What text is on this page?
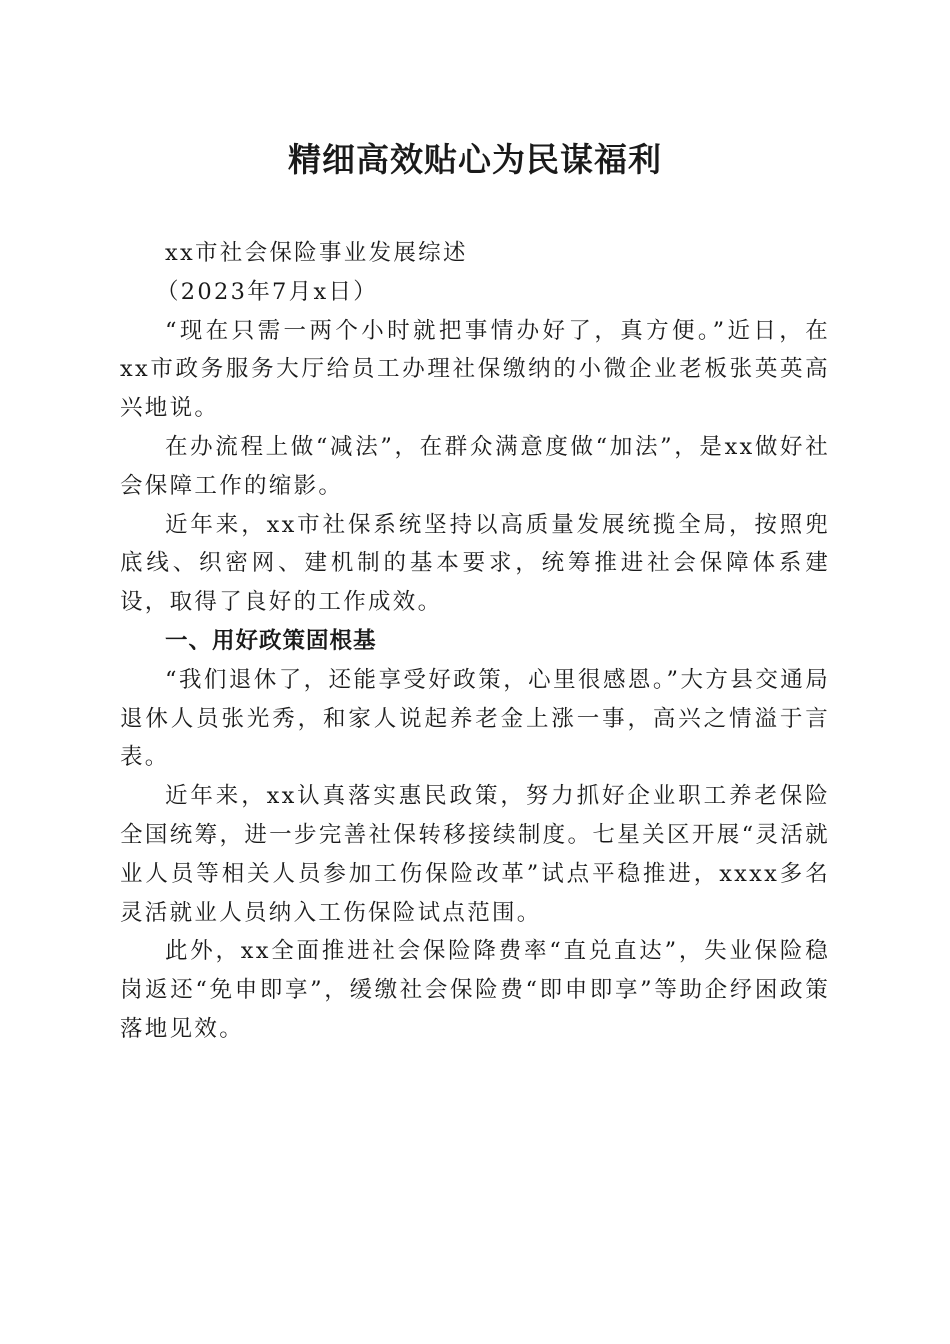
精细高效贴心为民谋福利

xx市社会保险事业发展综述

（2023年7月x日）

“现在只需一两个小时就把事情办好了，真方便。”近日，在xx市政务服务大厅给员工办理社保缴纳的小微企业老板张英英高兴地说。

在办流程上做“减法”，在群众满意度做“加法”，是xx做好社会保障工作的缩影。

近年来，xx市社保系统坚持以高质量发展统揽全局，按照兜底线、织密网、建机制的基本要求，统筹推进社会保障体系建设，取得了良好的工作成效。

一、用好政策固根基

“我们退休了，还能享受好政策，心里很感恩。”大方县交通局退休人员张光秀，和家人说起养老金上涨一事，高兴之情溢于言表。

近年来，xx认真落实惠民政策，努力抓好企业职工养老保险全国统筹，进一步完善社保转移接续制度。七星关区开展“灵活就业人员等相关人员参加工伤保险改革”试点平稳推进，xxxx多名灵活就业人员纳入工伤保险试点范围。

此外，xx全面推进社会保险降费率“直兑直达”，失业保险稳岗返还“免申即享”，缓缴社会保险费“即申即享”等助企纾困政策落地见效。
